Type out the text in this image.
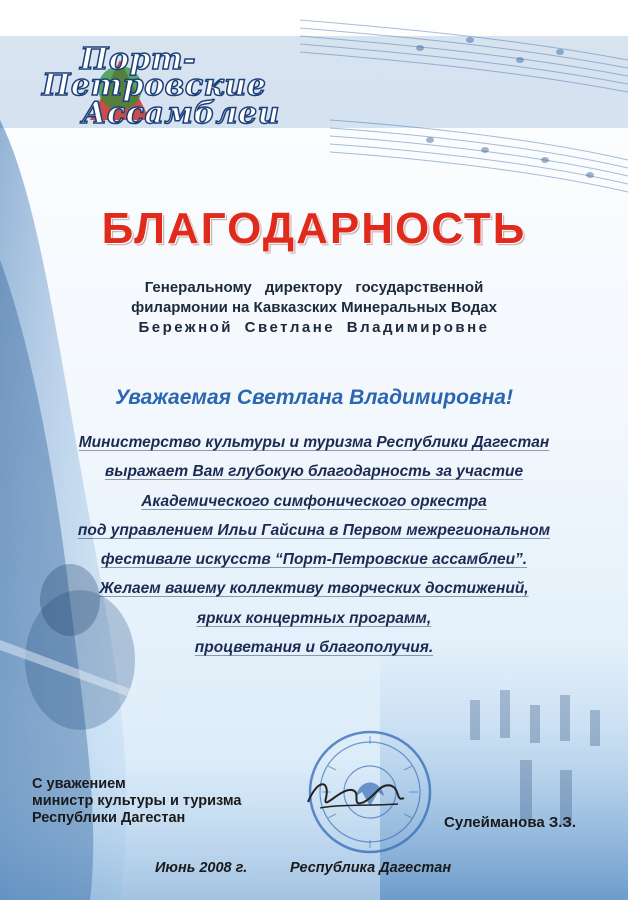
Порт-
Петровские
Ассамблеи
БЛАГОДАРНОСТЬ
Генеральному директору государственной
филармонии на Кавказских Минеральных Водах
Бережной Светлане Владимировне
Уважаемая Светлана Владимировна!
Министерство культуры и туризма Республики Дагестан
выражает Вам глубокую благодарность за участие
Академического симфонического оркестра
под управлением Ильи Гайсина в Первом межрегиональном
фестивале искусств “Порт-Петровские ассамблеи”.
Желаем вашему коллективу творческих достижений,
ярких концертных программ,
процветания и благополучия.
С уважением
министр культуры и туризма
Республики Дагестан	Сулейманова З.З.
Июнь 2008 г.	Республика Дагестан
